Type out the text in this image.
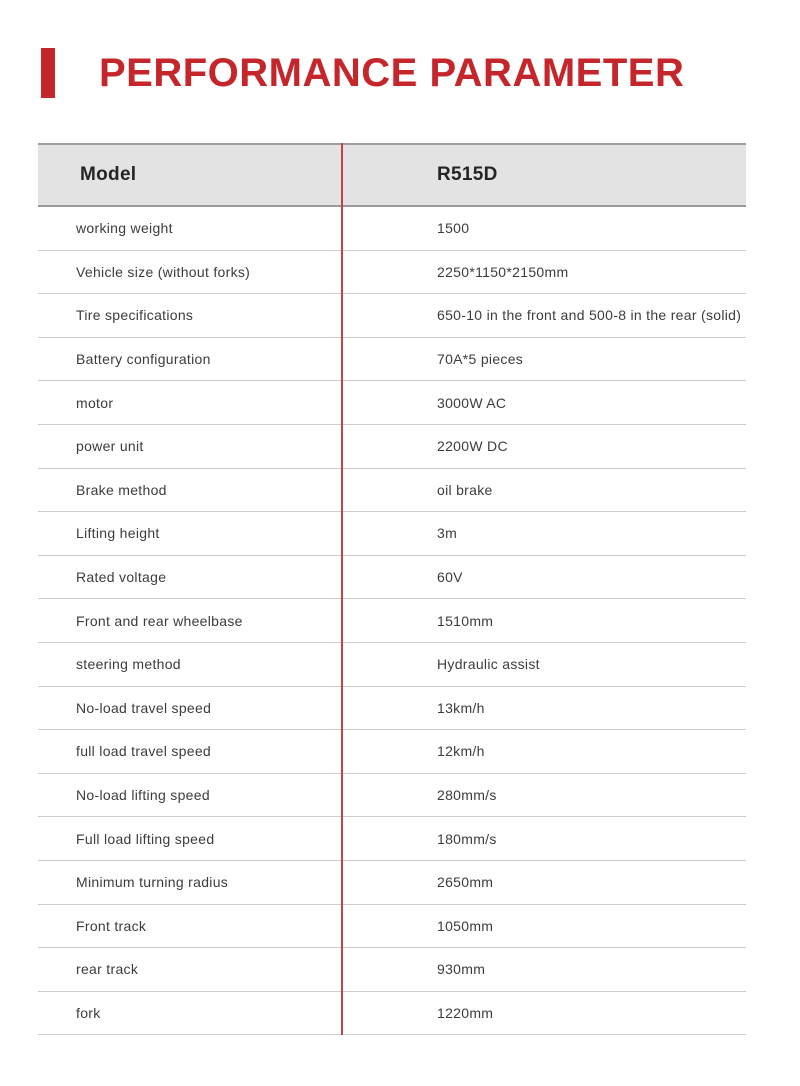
PERFORMANCE PARAMETER
Model	R515D
working weight	1500
Vehicle size (without forks)	2250*1150*2150mm
Tire specifications	650-10 in the front and 500-8 in the rear (solid)
Battery configuration	70A*5 pieces
motor	3000W AC
power unit	2200W DC
Brake method	oil brake
Lifting height	3m
Rated voltage	60V
Front and rear wheelbase	1510mm
steering method	Hydraulic assist
No-load travel speed	13km/h
full load travel speed	12km/h
No-load lifting speed	280mm/s
Full load lifting speed	180mm/s
Minimum turning radius	2650mm
Front track	1050mm
rear track	930mm
fork	1220mm
